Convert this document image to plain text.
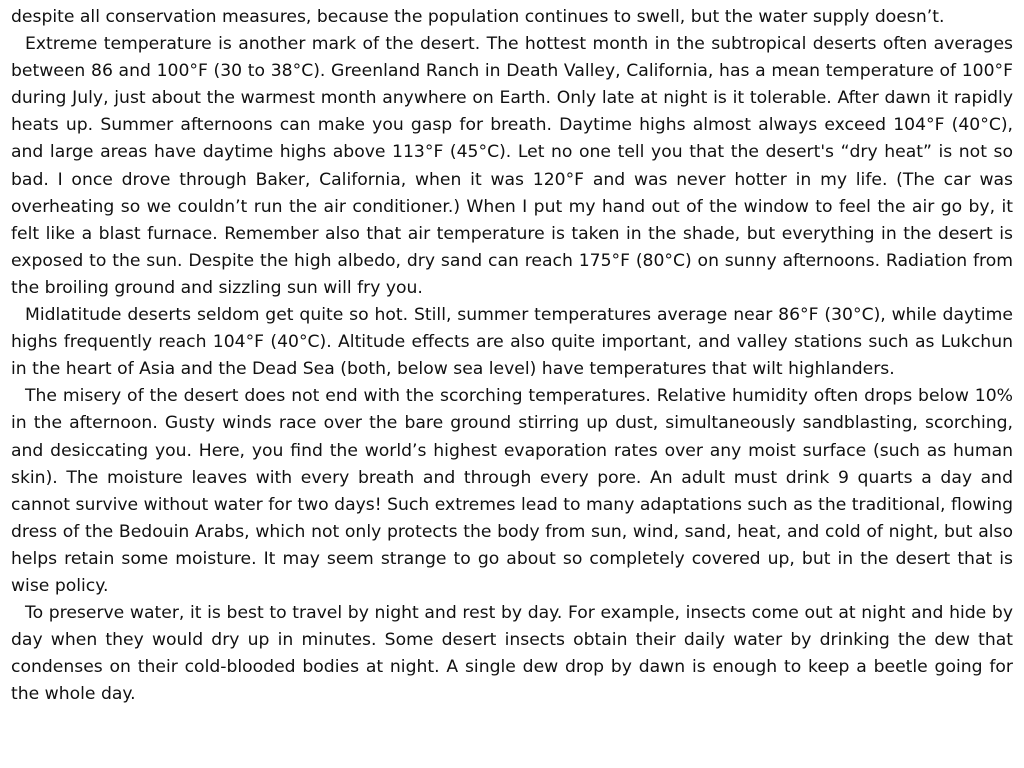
despite all conservation measures, because the population continues to swell, but the water supply doesn’t.

Extreme temperature is another mark of the desert. The hottest month in the subtropical deserts often averages between 86 and 100°F (30 to 38°C). Greenland Ranch in Death Valley, California, has a mean temperature of 100°F during July, just about the warmest month anywhere on Earth. Only late at night is it tolerable. After dawn it rapidly heats up. Summer afternoons can make you gasp for breath. Daytime highs almost always exceed 104°F (40°C), and large areas have daytime highs above 113°F (45°C). Let no one tell you that the desert's “dry heat” is not so bad. I once drove through Baker, California, when it was 120°F and was never hotter in my life. (The car was overheating so we couldn’t run the air conditioner.) When I put my hand out of the window to feel the air go by, it felt like a blast furnace. Remember also that air temperature is taken in the shade, but everything in the desert is exposed to the sun. Despite the high albedo, dry sand can reach 175°F (80°C) on sunny afternoons. Radiation from the broiling ground and sizzling sun will fry you.

Midlatitude deserts seldom get quite so hot. Still, summer temperatures average near 86°F (30°C), while daytime highs frequently reach 104°F (40°C). Altitude effects are also quite important, and valley stations such as Lukchun in the heart of Asia and the Dead Sea (both, below sea level) have temperatures that wilt highlanders.

The misery of the desert does not end with the scorching temperatures. Relative humidity often drops below 10% in the afternoon. Gusty winds race over the bare ground stirring up dust, simultaneously sandblasting, scorching, and desiccating you. Here, you find the world’s highest evaporation rates over any moist surface (such as human skin). The moisture leaves with every breath and through every pore. An adult must drink 9 quarts a day and cannot survive without water for two days! Such extremes lead to many adaptations such as the traditional, flowing dress of the Bedouin Arabs, which not only protects the body from sun, wind, sand, heat, and cold of night, but also helps retain some moisture. It may seem strange to go about so completely covered up, but in the desert that is wise policy.

To preserve water, it is best to travel by night and rest by day. For example, insects come out at night and hide by day when they would dry up in minutes. Some desert insects obtain their daily water by drinking the dew that condenses on their cold-blooded bodies at night. A single dew drop by dawn is enough to keep a beetle going for the whole day.
